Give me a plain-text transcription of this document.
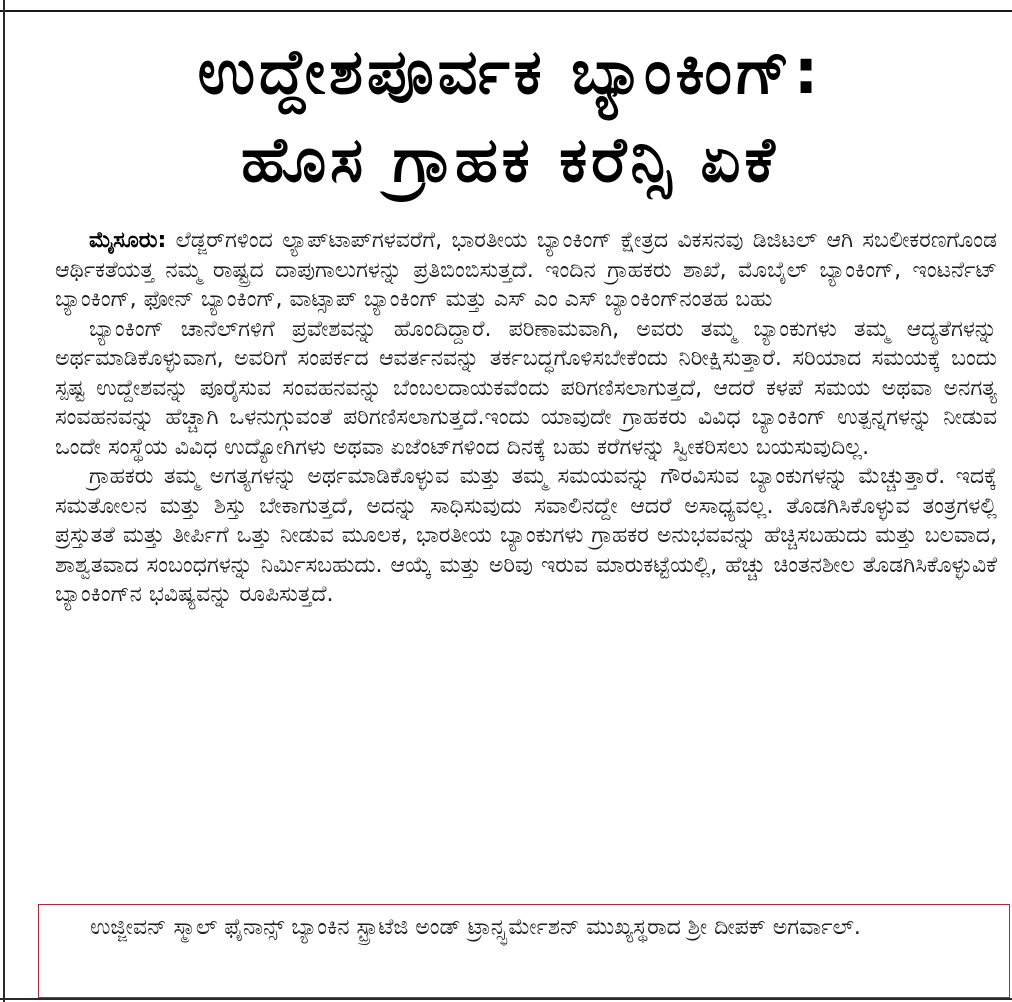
ಉದ್ದೇಶಪೂರ್ವಕ ಬ್ಯಾಂಕಿಂಗ್:
ಹೊಸ ಗ್ರಾಹಕ ಕರೆನ್ಸಿ ಏಕೆ

ಮೈಸೂರು: ಲೆಡ್ಜರ್‌ಗಳಿಂದ ಲ್ಯಾಪ್‌ಟಾಪ್‌ಗಳವರೆಗೆ, ಭಾರತೀಯ ಬ್ಯಾಂಕಿಂಗ್ ಕ್ಷೇತ್ರದ ವಿಕಸನವು ಡಿಜಿಟಲ್ ಆಗಿ ಸಬಲೀಕರಣಗೊಂಡ ಆರ್ಥಿಕತೆಯತ್ತ ನಮ್ಮ ರಾಷ್ಟ್ರದ ದಾಪುಗಾಲುಗಳನ್ನು ಪ್ರತಿಬಿಂಬಿಸುತ್ತದೆ. ಇಂದಿನ ಗ್ರಾಹಕರು ಶಾಖೆ, ಮೊಬೈಲ್ ಬ್ಯಾಂಕಿಂಗ್, ಇಂಟರ್ನೆಟ್ ಬ್ಯಾಂಕಿಂಗ್, ಫೋನ್ ಬ್ಯಾಂಕಿಂಗ್, ವಾಟ್ಸಾಪ್ ಬ್ಯಾಂಕಿಂಗ್ ಮತ್ತು ಎಸ್ ಎಂ ಎಸ್ ಬ್ಯಾಂಕಿಂಗ್‌ನಂತಹ ಬಹು

ಬ್ಯಾಂಕಿಂಗ್ ಚಾನೆಲ್‌ಗಳಿಗೆ ಪ್ರವೇಶವನ್ನು ಹೊಂದಿದ್ದಾರೆ. ಪರಿಣಾಮವಾಗಿ, ಅವರು ತಮ್ಮ ಬ್ಯಾಂಕುಗಳು ತಮ್ಮ ಆದ್ಯತೆಗಳನ್ನು ಅರ್ಥಮಾಡಿಕೊಳ್ಳುವಾಗ, ಅವರಿಗೆ ಸಂಪರ್ಕದ ಆವರ್ತನವನ್ನು ತರ್ಕಬದ್ಧಗೊಳಿಸಬೇಕೆಂದು ನಿರೀಕ್ಷಿಸುತ್ತಾರೆ. ಸರಿಯಾದ ಸಮಯಕ್ಕೆ ಬಂದು ಸ್ಪಷ್ಟ ಉದ್ದೇಶವನ್ನು ಪೂರೈಸುವ ಸಂವಹನವನ್ನು ಬೆಂಬಲದಾಯಕವೆಂದು ಪರಿಗಣಿಸಲಾಗುತ್ತದೆ, ಆದರೆ ಕಳಪೆ ಸಮಯ ಅಥವಾ ಅನಗತ್ಯ ಸಂವಹನವನ್ನು ಹೆಚ್ಚಾಗಿ ಒಳನುಗ್ಗುವಂತೆ ಪರಿಗಣಿಸಲಾಗುತ್ತದೆ.ಇಂದು ಯಾವುದೇ ಗ್ರಾಹಕರು ವಿವಿಧ ಬ್ಯಾಂಕಿಂಗ್ ಉತ್ಪನ್ನಗಳನ್ನು ನೀಡುವ ಒಂದೇ ಸಂಸ್ಥೆಯ ವಿವಿಧ ಉದ್ಯೋಗಿಗಳು ಅಥವಾ ಏಜೆಂಟ್‌ಗಳಿಂದ ದಿನಕ್ಕೆ ಬಹು ಕರೆಗಳನ್ನು ಸ್ವೀಕರಿಸಲು ಬಯಸುವುದಿಲ್ಲ.

ಗ್ರಾಹಕರು ತಮ್ಮ ಅಗತ್ಯಗಳನ್ನು ಅರ್ಥಮಾಡಿಕೊಳ್ಳುವ ಮತ್ತು ತಮ್ಮ ಸಮಯವನ್ನು ಗೌರವಿಸುವ ಬ್ಯಾಂಕುಗಳನ್ನು ಮೆಚ್ಚುತ್ತಾರೆ. ಇದಕ್ಕೆ ಸಮತೋಲನ ಮತ್ತು ಶಿಸ್ತು ಬೇಕಾಗುತ್ತದೆ, ಅದನ್ನು ಸಾಧಿಸುವುದು ಸವಾಲಿನದ್ದೇ ಆದರೆ ಅಸಾಧ್ಯವಲ್ಲ. ತೊಡಗಿಸಿಕೊಳ್ಳುವ ತಂತ್ರಗಳಲ್ಲಿ ಪ್ರಸ್ತುತತೆ ಮತ್ತು ತೀರ್ಪಿಗೆ ಒತ್ತು ನೀಡುವ ಮೂಲಕ, ಭಾರತೀಯ ಬ್ಯಾಂಕುಗಳು ಗ್ರಾಹಕರ ಅನುಭವವನ್ನು ಹೆಚ್ಚಿಸಬಹುದು ಮತ್ತು ಬಲವಾದ, ಶಾಶ್ವತವಾದ ಸಂಬಂಧಗಳನ್ನು ನಿರ್ಮಿಸಬಹುದು. ಆಯ್ಕೆ ಮತ್ತು ಅರಿವು ಇರುವ ಮಾರುಕಟ್ಟೆಯಲ್ಲಿ, ಹೆಚ್ಚು ಚಿಂತನಶೀಲ ತೊಡಗಿಸಿಕೊಳ್ಳುವಿಕೆ ಬ್ಯಾಂಕಿಂಗ್‌ನ ಭವಿಷ್ಯವನ್ನು ರೂಪಿಸುತ್ತದೆ.

ಉಜ್ಜೀವನ್ ಸ್ಮಾಲ್ ಫೈನಾನ್ಸ್ ಬ್ಯಾಂಕಿನ ಸ್ಟ್ರಾಟೆಜಿ ಅಂಡ್ ಟ್ರಾನ್ಸ್ಫರ್ಮೇಶನ್ ಮುಖ್ಯಸ್ಥರಾದ ಶ್ರೀ ದೀಪಕ್ ಅಗರ್ವಾಲ್.
